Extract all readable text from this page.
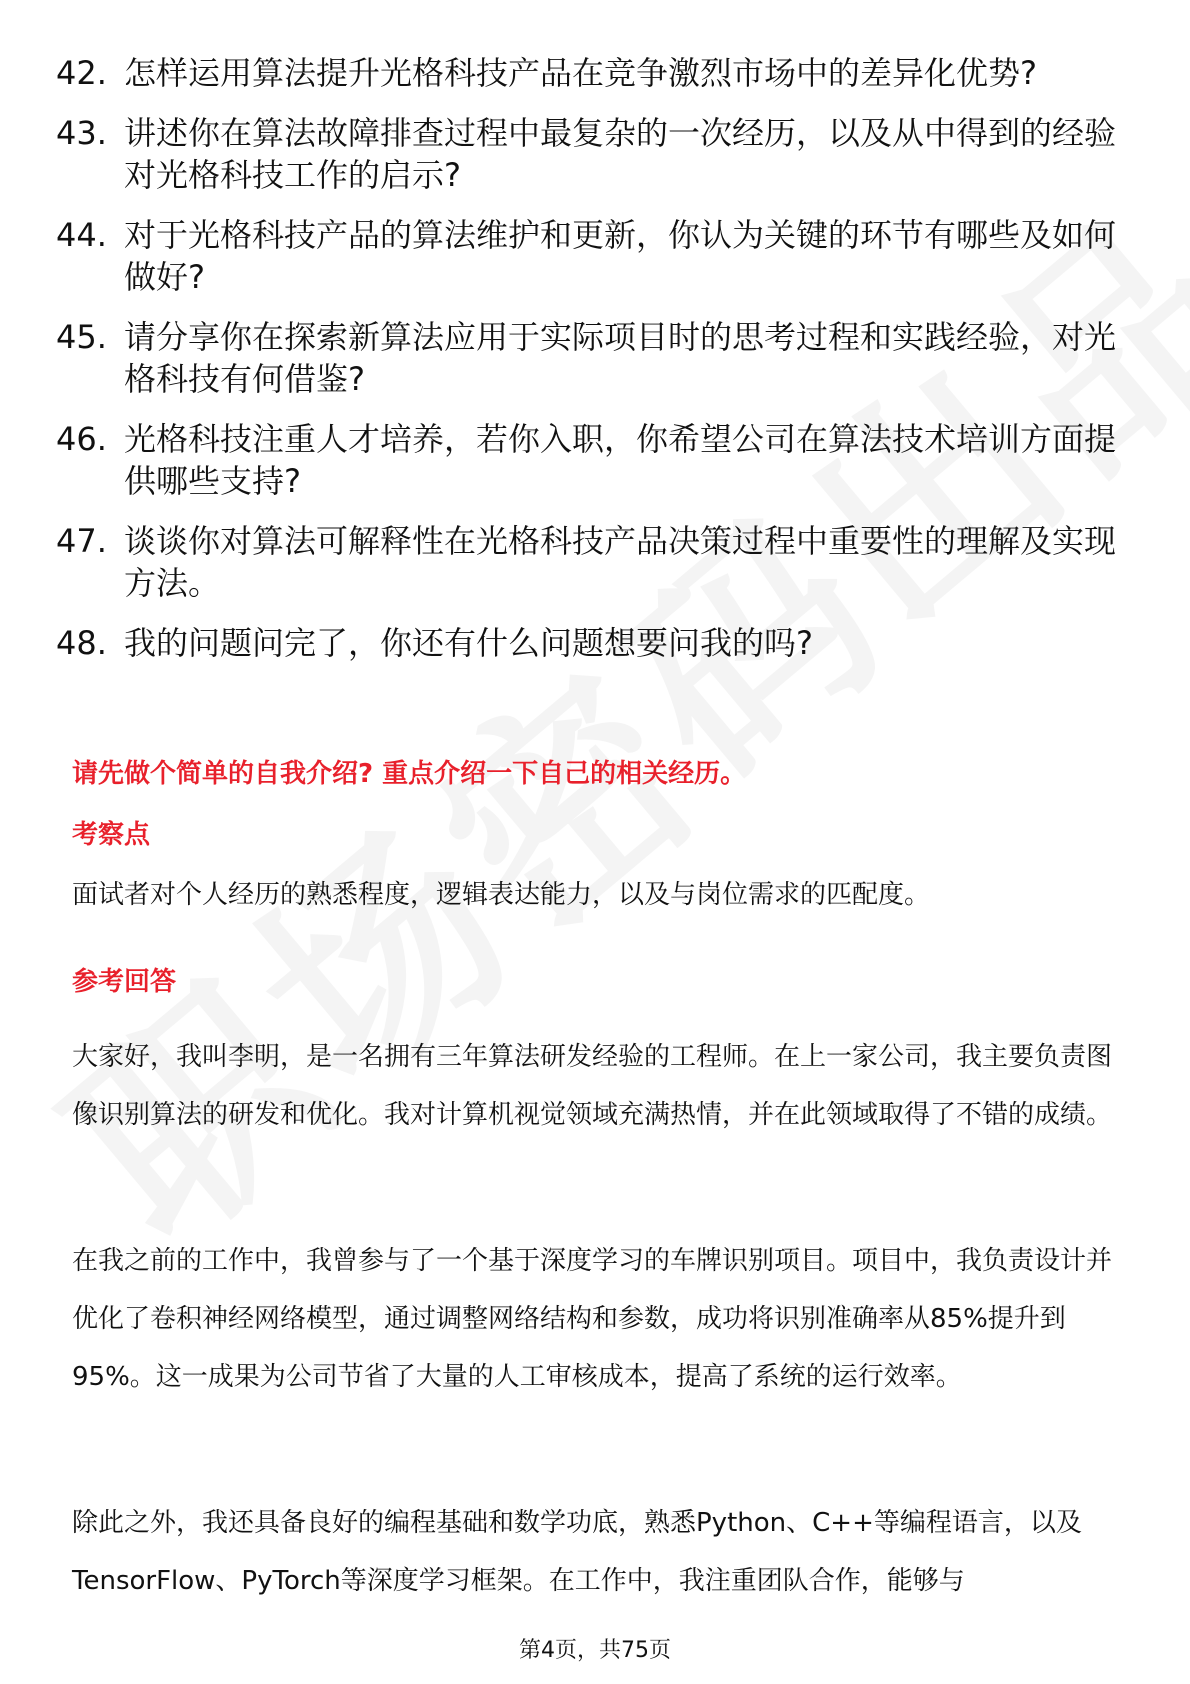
42. 怎样运用算法提升光格科技产品在竞争激烈市场中的差异化优势?
43. 讲述你在算法故障排查过程中最复杂的一次经历，以及从中得到的经验对光格科技工作的启示?
44. 对于光格科技产品的算法维护和更新，你认为关键的环节有哪些及如何做好?
45. 请分享你在探索新算法应用于实际项目时的思考过程和实践经验，对光格科技有何借鉴?
46. 光格科技注重人才培养，若你入职，你希望公司在算法技术培训方面提供哪些支持?
47. 谈谈你对算法可解释性在光格科技产品决策过程中重要性的理解及实现方法。
48. 我的问题问完了，你还有什么问题想要问我的吗?
请先做个简单的自我介绍? 重点介绍一下自己的相关经历。
考察点
面试者对个人经历的熟悉程度，逻辑表达能力，以及与岗位需求的匹配度。
参考回答
大家好，我叫李明，是一名拥有三年算法研发经验的工程师。在上一家公司，我主要负责图像识别算法的研发和优化。我对计算机视觉领域充满热情，并在此领域取得了不错的成绩。
在我之前的工作中，我曾参与了一个基于深度学习的车牌识别项目。项目中，我负责设计并优化了卷积神经网络模型，通过调整网络结构和参数，成功将识别准确率从85%提升到95%。这一成果为公司节省了大量的人工审核成本，提高了系统的运行效率。
除此之外，我还具备良好的编程基础和数学功底，熟悉Python、C++等编程语言，以及TensorFlow、PyTorch等深度学习框架。在工作中，我注重团队合作，能够与
第4页，共75页
